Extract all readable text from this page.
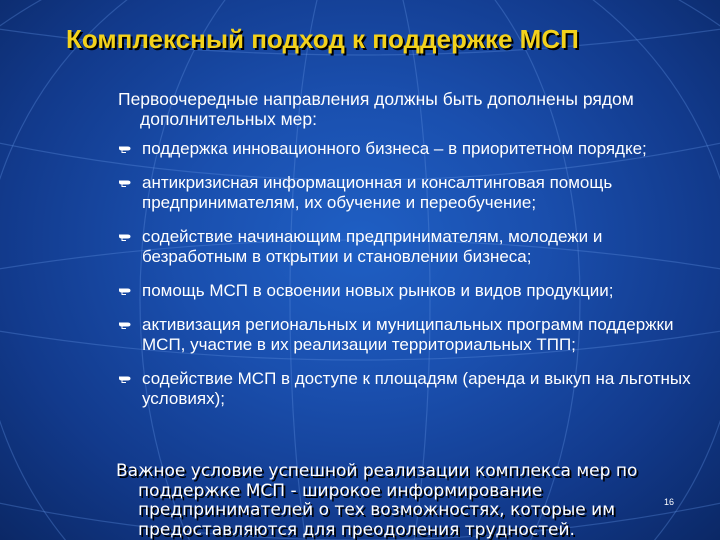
Комплексный подход к поддержке МСП

Первоочередные направления должны быть дополнены рядом дополнительных мер:

поддержка инновационного бизнеса – в приоритетном порядке;
антикризисная информационная и консалтинговая помощь предпринимателям, их обучение и переобучение;
содействие начинающим предпринимателям, молодежи и безработным в открытии и становлении бизнеса;
помощь МСП в освоении новых рынков и видов продукции;
активизация региональных и муниципальных программ поддержки МСП, участие в их реализации территориальных ТПП;
содействие МСП в доступе к площадям (аренда и выкуп на льготных условиях);

Важное условие успешной реализации комплекса мер по поддержке МСП - широкое информирование предпринимателей о тех возможностях, которые им предоставляются для преодоления трудностей.

16
